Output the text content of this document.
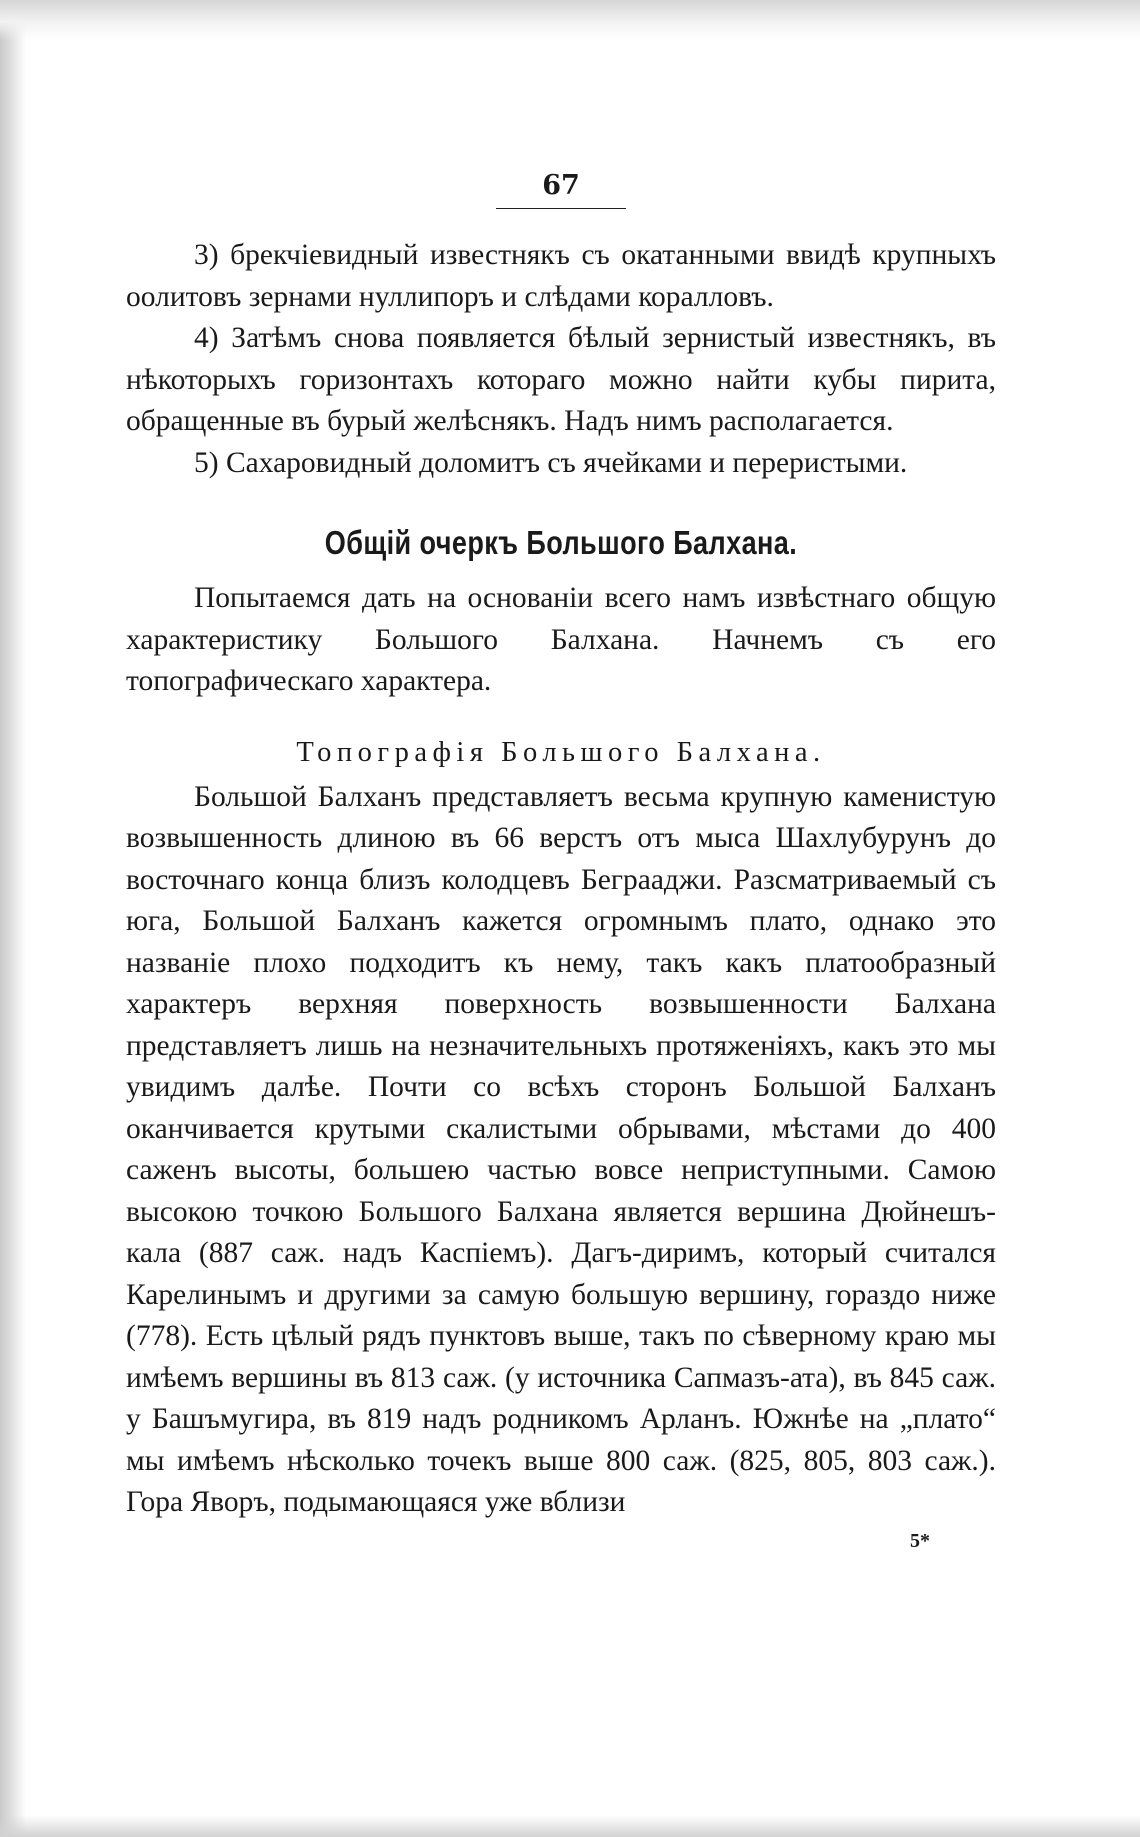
67

3) брекчiевидный известнякъ съ окатанными ввидѣ крупныхъ оолитовъ зернами нуллипоръ и слѣдами кораллoвъ.

4) Затѣмъ снова появляется бѣлый зернистый известнякъ, въ нѣкоторыхъ горизонтахъ котораго можно найти кубы пирита, обращенные въ бурый желѣснякъ. Надъ нимъ располагается.

5) Сахаровидный доломитъ съ ячейками и перeристыми.

Общiй очеркъ Большого Балхана.

Попытаемся дать на основанiи всего намъ извѣстнаго общую характеристику Большого Балхана. Начнемъ съ его топографическаго характера.

Топографiя Большого Балхана.

Большой Балханъ представляетъ весьма крупную каменистую возвышенность длиною въ 66 верстъ отъ мыса Шахлубурунъ до восточнаго конца близъ колодцевъ Беграаджи. Разсматриваемый съ юга, Большой Балханъ кажется огромнымъ плато, однако это названiе плохо подходитъ къ нему, такъ какъ платообразный характеръ верхняя поверхность возвышенности Балхана представляетъ лишь на незначительныхъ протяженiяхъ, какъ это мы увидимъ далѣе. Почти со всѣхъ сторонъ Большой Балханъ оканчивается крутыми скалистыми обрывами, мѣстами до 400 саженъ высоты, большею частью вовсе неприступными. Самою высокою точкою Большого Балхана является вершина Дюйнешъ-кала (887 саж. надъ Каспiемъ). Дагъ-диримъ, который считался Карелинымъ и другими за самую большую вершину, гораздо ниже (778). Есть цѣлый рядъ пунктовъ выше, такъ по сѣверному краю мы имѣемъ вершины въ 813 саж. (у источника Сапмазъ-ата), въ 845 саж. у Башъмугира, въ 819 надъ родникомъ Арланъ. Южнѣе на „плато“ мы имѣемъ нѣсколько точекъ выше 800 саж. (825, 805, 803 саж.). Гора Яворъ, подымающаяся уже вблизи

5*
